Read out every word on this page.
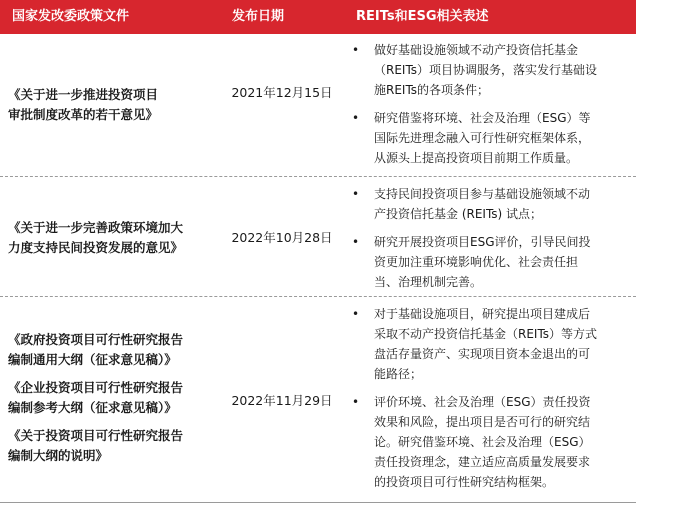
国家发改委政策文件	发布日期	REITs和ESG相关表述
《关于进一步推进投资项目
审批制度改革的若干意见》
2021年12月15日
• 做好基础设施领域不动产投资信托基金
（REITs）项目协调服务，落实发行基础设
施REITs的各项条件；
• 研究借鉴将环境、社会及治理（ESG）等
国际先进理念融入可行性研究框架体系，
从源头上提高投资项目前期工作质量。
《关于进一步完善政策环境加大
力度支持民间投资发展的意见》
2022年10月28日
• 支持民间投资项目参与基础设施领域不动
产投资信托基金 (REITs) 试点；
• 研究开展投资项目ESG评价，引导民间投
资更加注重环境影响优化、社会责任担
当、治理机制完善。
《政府投资项目可行性研究报告
编制通用大纲（征求意见稿）》
《企业投资项目可行性研究报告
编制参考大纲（征求意见稿）》
《关于投资项目可行性研究报告
编制大纲的说明》
2022年11月29日
• 对于基础设施项目，研究提出项目建成后
采取不动产投资信托基金（REITs）等方式
盘活存量资产、实现项目资本金退出的可
能路径；
• 评价环境、社会及治理（ESG）责任投资
效果和风险，提出项目是否可行的研究结
论。研究借鉴环境、社会及治理（ESG）
责任投资理念，建立适应高质量发展要求
的投资项目可行性研究结构框架。
